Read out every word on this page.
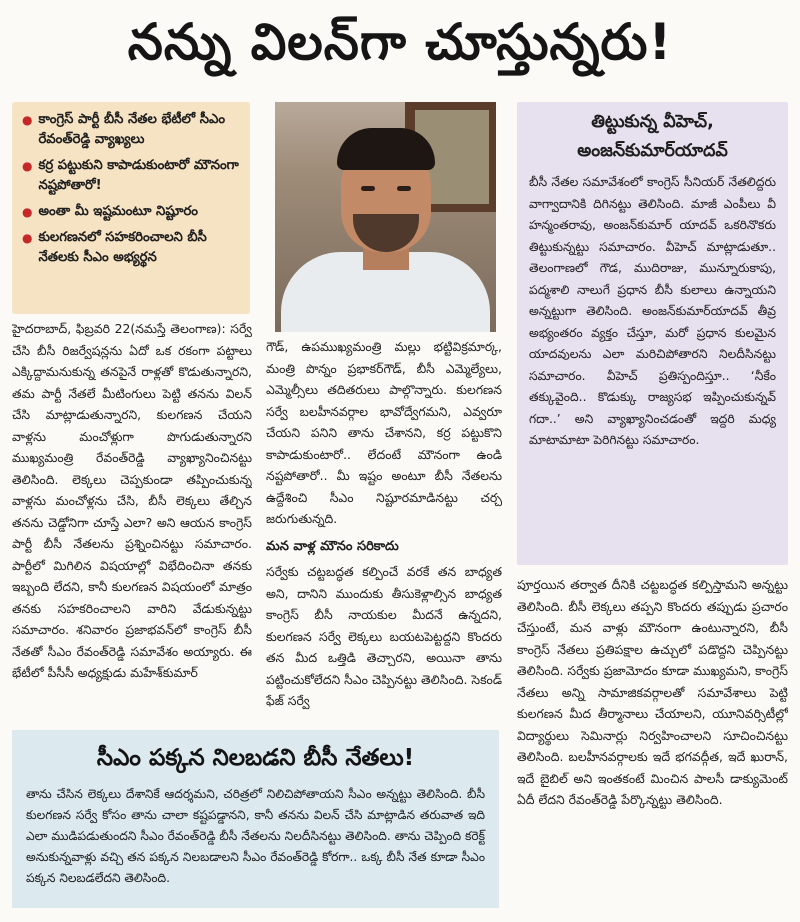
నన్ను విలన్‌గా చూస్తున్నరు!
● కాంగ్రెస్ పార్టీ బీసీ నేతల భేటీలో సీఎం రేవంత్‌రెడ్డి వ్యాఖ్యలు
● కర్ర పట్టుకుని కాపాడుకుంటారో మౌనంగా నష్టపోతారో!
● అంతా మీ ఇష్టమంటూ నిష్టూరం
● కులగణనలో సహకరించాలని బీసీ నేతలకు సీఎం అభ్యర్థన

హైదరాబాద్‌, ఫిబ్రవరి 22(నమస్తే తెలంగాణ): సర్వే చేసి బీసీ రిజర్వేషన్లను ఏదో ఒక రకంగా పట్టాలు ఎక్కిద్దామనుకున్న తనపైనే రాళ్లతో కొడుతున్నారని, తమ పార్టీ నేతలే మీటింగులు పెట్టి తనను విలన్‌ చేసి మాట్లాడుతున్నారని, కులగణన చేయని వాళ్లను మంచోళ్లుగా పొగుడుతున్నారని ముఖ్యమంత్రి రేవంత్‌రెడ్డి వ్యాఖ్యానించినట్టు తెలిసింది. లెక్కలు చెప్పకుండా తప్పించుకున్న వాళ్లను మంచోళ్లను చేసి, బీసీ లెక్కలు తేల్చిన తనను చెడ్డోనిగా చూస్తే ఎలా? అని ఆయన కాంగ్రెస్‌ పార్టీ బీసీ నేతలను ప్రశ్నించినట్టు సమాచారం. పార్టీలో మిగిలిన విషయాల్లో విభేదించినా తనకు ఇబ్బంది లేదని, కానీ కులగణన విషయంలో మాత్రం తనకు సహకరించాలని వారిని వేడుకున్నట్టు సమాచారం. శనివారం ప్రజాభవన్‌లో కాంగ్రెస్‌ బీసీ నేతతో సీఎం రేవంత్‌రెడ్డి సమావేశం అయ్యారు. ఈ భేటీలో పీసీసీ అధ్యక్షుడు మహేశ్‌కుమార్‌

గౌడ్‌, ఉపముఖ్యమంత్రి మల్లు భట్టివిక్రమార్క, మంత్రి పొన్నం ప్రభాకర్‌గౌడ్‌, బీసీ ఎమ్మెల్యేలు, ఎమ్మెల్సీలు తదితరులు పాల్గొన్నారు. కులగణన సర్వే బలహీనవర్గాల భావోద్వేగమని, ఎవ్వరూ చేయని పనిని తాను చేశానని, కర్ర పట్టుకొని కాపాడుకుంటారో.. లేదంటే మౌనంగా ఉండి నష్టపోతారో.. మీ ఇష్టం అంటూ బీసీ నేతలను ఉద్దేశించి సీఎం నిష్టూరమాడినట్టు చర్చ జరుగుతున్నది.

మన వాళ్ల మౌనం సరికాదు

సర్వేకు చట్టబద్ధత కల్పించే వరకే తన బాధ్యత అని, దానిని ముందుకు తీసుకెళ్లాల్సిన బాధ్యత కాంగ్రెస్‌ బీసీ నాయకుల మీదనే ఉన్నదని, కులగణన సర్వే లెక్కలు బయటపెట్టద్దని కొందరు తన మీద ఒత్తిడి తెచ్చారని, అయినా తాను పట్టించుకోలేదని సీఎం చెప్పినట్టు తెలిసింది. సెకండ్‌ ఫేజ్‌ సర్వే

తిట్టుకున్న వీహెచ్‌, అంజన్‌కుమార్‌యాదవ్‌
బీసీ నేతల సమావేశంలో కాంగ్రెస్‌ సీనియర్‌ నేతలిద్దరు వాగ్వాదానికి దిగినట్టు తెలిసింది. మాజీ ఎంపీలు వీ హన్మంతరావు, అంజన్‌కుమార్‌ యాదవ్‌ ఒకరినొకరు తిట్టుకున్నట్టు సమాచారం. వీహెచ్‌ మాట్లాడుతూ.. తెలంగాణలో గౌడ, ముదిరాజు, మున్నూరుకాపు, పద్మశాలి నాలుగే ప్రధాన బీసీ కులాలు ఉన్నాయని అన్నట్టుగా తెలిసింది. అంజన్‌కుమార్‌యాదవ్‌ తీవ్ర అభ్యంతరం వ్యక్తం చేస్తూ, మరో ప్రధాన కులమైన యాదవులను ఎలా మరిచిపోతారని నిలదీసినట్టు సమాచారం. వీహెచ్‌ ప్రతిస్పందిస్తూ.. ‘నీకేం తక్కువైంది.. కొడుక్కు రాజ్యసభ ఇప్పించుకున్నవ్‌ గదా..’ అని వ్యాఖ్యానించడంతో ఇద్దరి మధ్య మాటామాటా పెరిగినట్టు సమాచారం.

పూర్తయిన తర్వాత దీనికి చట్టబద్ధత కల్పిస్తామని అన్నట్టు తెలిసింది. బీసీ లెక్కలు తప్పని కొందరు తప్పుడు ప్రచారం చేస్తుంటే, మన వాళ్లు మౌనంగా ఉంటున్నారని, బీసీ కాంగ్రెస్‌ నేతలు ప్రతిపక్షాల ఉచ్చులో పడొద్దని చెప్పినట్టు తెలిసింది. సర్వేకు ప్రజామోదం కూడా ముఖ్యమని, కాంగ్రెస్‌ నేతలు అన్ని సామాజికవర్గాలతో సమావేశాలు పెట్టి కులగణన మీద తీర్మానాలు చేయాలని, యూనివర్సిటీల్లో విద్యార్థులు సెమినార్లు నిర్వహించాలని సూచించినట్టు తెలిసింది. బలహీనవర్గాలకు ఇదే భగవద్గీత, ఇదే ఖురాన్‌, ఇదే బైబిల్‌ అని ఇంతకంటే మించిన పాలసీ డాక్యుమెంట్‌ ఏదీ లేదని రేవంత్‌రెడ్డి పేర్కొన్నట్టు తెలిసింది.

సీఎం పక్కన నిలబడని బీసీ నేతలు!
తాను చేసిన లెక్కలు దేశానికే ఆదర్శమని, చరిత్రలో నిలిచిపోతాయని సీఎం అన్నట్టు తెలిసింది. బీసీ కులగణన సర్వే కోసం తాను చాలా కష్టపడ్డానని, కానీ తనను విలన్‌ చేసి మాట్లాడిన తరువాత ఇది ఎలా ముడిపడుతుందని సీఎం రేవంత్‌రెడ్డి బీసీ నేతలను నిలదీసినట్టు తెలిసింది. తాను చెప్పింది కరెక్ట్‌ అనుకున్నవాళ్లు వచ్చి తన పక్కన నిలబడాలని సీఎం రేవంత్‌రెడ్డి కోరగా.. ఒక్క బీసీ నేత కూడా సీఎం పక్కన నిలబడలేదని తెలిసింది.
